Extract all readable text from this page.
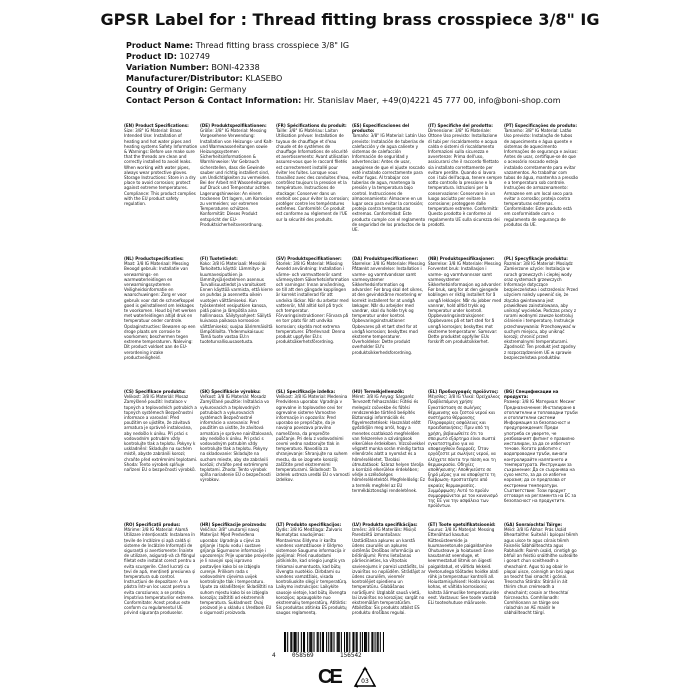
GPSR Label for : Thread fitting brass crosspiece 3/8" IG
Product Name: Thread fitting brass crosspiece 3/8" IG
Product ID: 102749
Variation Number: BONI-42338
Manufacturer/Distributor: KLASEBO
Country of Origin: Germany
Contact Person & Contact Information: Hr. Stanislav Maer, +49(0)4221 45 777 00, info@boni-shop.com
(EN) Product Specifications:

Size: 3/8" IG Material: Brass Intended Use: Installation of heating and hot water pipes and heating systems Safety Information & Warnings: Before use make sure that the threads are clean and correctly installed to avoid leaks. When working with water pipes, always wear protective gloves. Storage Instructions: Store in a dry place to avoid corrosion; protect against extreme temperatures. Compliance: This product complies with the EU product safety regulation.

(DE) Produktspezifikationen:

Größe: 3/8" IG Material: Messing Vorgesehene Verwendung: Installation von Heizungs- und Kalt- und Warmwasserleitungen sowie Heizungssystemen Sicherheitsinformationen & Warnhinweise: Vor Gebrauch sicherstellen, dass die Gewinde sauber und richtig installiert sind, um Undichtigkeiten zu vermeiden. Bei der Arbeit mit Wasserleitungen auf Druck und Temperatur achten. Lagerungshinweise: An einem trockenen Ort lagern, um Korrosion zu vermeiden; vor extremen Temperaturen schützen. Konformität: Dieses Produkt entspricht der EU-Produktsicherheitsverordnung.

(FR) Spécifications du produit:

Taille: 3/8" IG Matériau: Laiton Utilisation prévue: Installation de tuyaux de chauffage et d'eau chaude et de systèmes de chauffage Informations de sécurité et avertissements: Avant utilisation assurez-vous que le raccord filetés est correctement installé pour éviter les fuites. Lorsque vous travaillez avec des conduites d'eau, contrôlez toujours la pression et la température. Instructions de stockage: Conserver dans un endroit sec pour éviter la corrosion; protéger contre les températures extrêmes. Conformité: Ce produit est conforme au règlement de l'UE sur la sécurité des produits.

(ES) Especificaciones del producto:

Tamaño: 3/8" IG Material: Latón Uso previsto: Instalación de tuberías de calefacción y de agua caliente y sistemas de calefacción Información de seguridad y advertencias: Antes de usar, asegúrese de que el ajuste roscado esté instalado correctamente para evitar fugas. Al trabajar con tuberías de agua, mantenga la presión y la temperatura bajo control. Instrucciones de almacenamiento: Almacene en un lugar seco para evitar la corrosión; proteja contra temperaturas extremas. Conformidad: Este producto cumple con el reglamento de seguridad de los productos de la UE.

(IT) Specifiche del prodotto:

Dimensione: 3/8" IG Materiale: Ottone Uso previsto: Installazione di tubi per riscaldamento e acqua calda e sistemi di riscaldamento Informazioni sulla sicurezza e avvertenze: Prima dell'uso, assicurarsi che il raccordo filettato sia installato correttamente per evitare perdite. Quando si lavora con i tubi dell'acqua, tenere sempre sotto controllo la pressione e la temperatura. Istruzioni per la conservazione: Conservare in un luogo asciutto per evitare la corrosione; proteggere dalle temperature estreme. Conformità: Questo prodotto è conforme al regolamento UE sulla sicurezza dei prodotti.

(PT) Especificações do produto:

Tamanho: 3/8" IG Material: Latão Uso previsto: Instalação de tubos de aquecimento e água quente e sistemas de aquecimento Informações de segurança e avisos: Antes de usar, certifique-se de que o acessório roscado esteja instalado corretamente para evitar vazamentos. Ao trabalhar com tubos de água, mantenha a pressão e a temperatura sob controle. Instruções de armazenamento: Armazene em um local seco para evitar a corrosão; proteja contra temperaturas extremas. Conformidade: Este produto está em conformidade com o regulamento de segurança de produtos da UE.

(NL) Productspecificaties:

Maat: 3/8 IG Materiaal: Messing Beoogd gebruik: Installatie van verwarmings- en warmwaterleidingen en verwarmingssystemen Veiligheidsinformatie en waarschuwingen: Zorg er voor gebruik voor dat de schroefkoppel goed is geïnstalleerd om lekkages te voorkomen. Houd bij het werken met waterleidingen altijd druk en temperatuur onder controle. Opslaginstructies: Bewaren op een droge plaats om corrosie te voorkomen; beschermen tegen extreme temperaturen. Naleving: Dit product voldoet aan de EU-verordening inzake productveiligheid.

(FI) Tuotetiedot:

Koko: 3/8 IG Materiaali: Messinki Tarkoitettu käyttö: Lämmitys- ja kuumavesiputkien ja lämmitysjärjestelmien asennus Turvallisuustiedot ja varoitukset: Ennen käyttöä varmista, että kierre on puhdas ja asennettu oikein vuotojen välttämiseksi. Kun työskentelet vesiputkien kanssa, pidä paine ja lämpötila aina hallinnassa. Säilytysohjeet: Säilytä kuivassa paikassa korroosion välttämiseksi; suojaa äärimmäisiltä lämpötiloilta. Yhdenmukaisuus: Tämä tuote vastaa EU:n tuoteturvallisuusasetusta.

(SV) Produktspecifikationer:

Storlek: 3/8 IG Material: Mässing Avsedd användning: Installation i värme- och varmvattenrör samt värmesystem Säkerhetsinformation och varningar: Innan användning, se till att den gängade kopplingen är korrekt installerad för att undvika läckor. När du arbetar med vattenrör, håll alltid koll på tryck och temperatur. Förvaringsinstruktioner: Förvara på en torr plats för att undvika korrosion; skydda mot extrema temperaturer. Efterlevnad: Denna produkt uppfyller EU:s produktsäkerhetsförordning.

(DA) Produktspecifikationer:

Størrelse: 3/8 IG Materiale: Messing Påtænkt anvendelse: Installation i varme- og varmtvandsrør samt varmesystemer Sikkerhedsinformation og advarsler: Før brug skal det sikres, at den gevindskårne montering er korrekt installeret for at undgå lækager. Når du arbejder med vandrør, skal du holde tryk og temperatur under kontrol. Opbevaringsinstruktioner: Opbevares på et tørt sted for at undgå korrosion; beskyttes mod ekstreme temperaturer. Overholdelse: Dette produkt overholder EU's produktsikkerhedsforordning.

(NB) Produktspesifikasjoner:

Størrelse: 3/8 IG Materiale: Messing Forventet bruk: Installasjon i varme- og varmtvannsrør samt varmesystemer Sikkerhetsinformasjon og advarsler: Før bruk, sørg for at den gjengede koblingen er riktig installert for å unngå lekkasjer. Når du jobber med vannrør, hold alltid trykk og temperatur under kontroll. Oppbevaringsinstruksjoner: Oppbevares på et tørt sted for å unngå korrosjon; beskyttes mot ekstreme temperaturer. Samsvar: Dette produktet oppfyller EUs forskrift om produktsikkerhet.

(PL) Specyfikacje produktu:

Rozmiar: 3/8 IG Materiał: Mosiądz Zamierzone użycie: Instalacja w rurach grzewczych i ciepłej wody oraz systemach grzewczych Informacje dotyczące bezpieczeństwa i ostrzeżenia: Przed użyciem należy upewnić się, że złączka gwintowana jest prawidłowo zainstalowana, aby uniknąć wycieków. Podczas pracy z rurami wodnymi zawsze kontroluj ciśnienie i temperaturę. Instrukcje przechowywania: Przechowywać w suchym miejscu, aby uniknąć korozji; chronić przed ekstremalnymi temperaturami. Zgodność: Ten produkt jest zgodny z rozporządzeniem UE w sprawie bezpieczeństwa produktów.

(CS) Specifikace produktu:

Velikost: 3/8 IG Materiál: Mosaz Zamýšlené použití: Instalace v topných a teplovodních potrubích a topných systémech Bezpečnostní informace a varování: Před použitím se ujistěte, že závitová armatura je správně instalována, aby nedošlo k úniku. Při práci s vodovodním potrubím vždy kontrolujte tlak a teplotu. Pokyny k uskladnění: Skladujte na suchém místě, abyste zabránili korozi; chraňte před extrémními teplotami. Shoda: Tento výrobek splňuje nařízení EU o bezpečnosti výrobků.

(SK) Špecifikácie výrobku:

Veľkosť: 3/8 IG Materiál: Mosadz Zamýšľané použitie: Inštalácia vo vykurovacích a teplovodných potrubiach a vykurovacích systémoch Bezpečnostné informácie a varovania: Pred použitím sa uistite, že závitová armatúra je správne nainštalovaná, aby nedošlo k úniku. Pri práci s vodovodným potrubím vždy kontrolujte tlak a teplotu. Pokyny na skladovanie: Skladujte na suchom mieste, aby ste zabránili korózii; chráňte pred extrémnymi teplotami. Zhoda: Tento výrobok spĺňa nariadenie EÚ o bezpečnosti výrobkov.

(SL) Specifikacije izdelka:

Velikost: 3/8 IG Material: Medenina Predvidena uporaba: Vgradnja v ogrevalne in toplovodne cevi ter ogrevalne sisteme Varnostne informacije in opozorila: Pred uporabo se prepričajte, da je navojna povezava pravilno nameščena, da preprečite puščanje. Pri delu z vodovodnimi cevmi vedno nadzorujte tlak in temperaturo. Navodila za shranjevanje: Shranjujte na suhem mestu, da se izognete koroziji; zaščitite pred ekstremnimi temperaturami. Skladnost: Ta izdelek ustreza uredbi EU o varnosti izdelkov.

(HU) Termékjellemzők:

Méret: 3/8 IG Anyag: Sárgaréz Tervezett felhasználás: Fűtési és melegvíz csövekbe és fűtési rendszerekbe történő beépítés Biztonsági információk és figyelmeztetések: Használat előtt győződjön meg arról, hogy a menetes csatlakozó megfelelően van felszerelve a szivárgások elkerülése érdekében. Vízcsövekkel végzett munka során mindig tartsa ellenőrzés alatt a nyomást és a hőmérsékletet. Tárolási útmutatások: Száraz helyen tárolja a korrózió elkerülése érdekében; védje a szélsőséges hőmérsékletektől. Megfelelőség: Ez a termék megfelel az EU termékbiztonsági rendeletének.

(EL) Προδιαγραφές προϊόντος:

Μέγεθος: 3/8 IG Υλικό: Ορείχαλκος Προβλεπόμενη χρήση: Εγκατάσταση σε σωλήνες θέρμανσης και ζεστού νερού και συστήματα θέρμανσης Πληροφορίες ασφάλειας και προειδοποιήσεις: Πριν από τη χρήση, βεβαιωθείτε ότι το σπειρωτό εξάρτημα είναι σωστά εγκατεστημένο για να αποφευχθούν διαρροές. Όταν εργάζεστε με σωλήνες νερού, να ελέγχετε πάντα την πίεση και τη θερμοκρασία. Οδηγίες αποθήκευσης: Αποθηκεύστε σε ξηρό μέρος για να αποφύγετε τη διάβρωση· προστατέψτε από ακραίες θερμοκρασίες. Συμμόρφωση: Αυτό το προϊόν συμμορφώνεται με τον κανονισμό της ΕΕ για την ασφάλεια των προϊόντων.

(BG) Спецификации на продукта:

Размер: 3/8 IG Материал: Месинг Предназначение: Инсталиране в отоплителни и топловодни тръби и отоплителни системи Информация за безопасност и предупреждения: Преди употреба се уверете, че резбованият фитинг е правилно инсталиран, за да се избегнат течове. Когато работите с водопроводни тръби, винаги контролирайте налягането и температурата. Инструкции за съхранение: Да се съхранява на сухо място, за да се избегне корозия; да се предпазва от екстремни температури. Съответствие: Този продукт отговаря на регламента на ЕС за безопасност на продуктите.

(RO) Specificații produs:

Mărime: 3/8 IG Material: Alamă Utilizare intenționată: Instalarea în țevile de încălzire și apă caldă și sisteme de încălzire Informații de siguranță și avertismente: Înainte de utilizare, asigurați-vă că fitingul filetat este instalat corect pentru a evita scurgerile. Când lucrați cu țevi de apă, mențineți presiunea și temperatura sub control. Instrucțiuni de depozitare: A se păstra într-un loc uscat pentru a evita coroziunea; a se proteja împotriva temperaturilor extreme. Conformitate: Acest produs este conform cu regulamentul UE privind siguranța produselor.

(HR) Specifikacije proizvoda:

Veličina: 3/8" unutarnji navoj Materijal: Mjed Predviđena uporaba: Ugradnja u cijevi za grijanje i toplu vodu i sustave grijanja Sigurnosne informacije i upozorenja: Prije uporabe provjerite je li navojni spoj ispravno postavljen kako bi se izbjeglo curenje. Prilikom rada s vodovodnim cijevima uvijek kontrolirajte tlak i temperaturu. Upute za skladištenje: Skladištiti na suhom mjestu kako bi se izbjegla korozija; zaštititi od ekstremnih temperatura. Sukladnost: Ovaj proizvod je u skladu s Uredbom EU o sigurnosti proizvoda.

(LT) Produkto specifikacijos:

Dydis: 3/8 IG Medžiaga: Žalvaris Numatytas naudojimas: Montavimas šildymo ir karšto vandens vamzdžiuose ir šildymo sistemose Saugumo informacija ir įspėjimai: Prieš naudodami įsitikinkite, kad sriegio jungtis yra tinkamai sumontuota, kad būtų išvengta nuotėkio. Dirbdami su vandens vamzdžiais, visada kontroliuokite slėgį ir temperatūrą. Laikymo instrukcijos: Laikykite sausoje vietoje, kad būtų išvengta korozijos; apsaugokite nuo ekstremalių temperatūrų. Atitiktis: Šis produktas atitinka ES produktų saugos reglamentą.

(LV) Produkta specifikācijas:

Izmērs: 3/8 IG Materiāls: Misiņš Paredzētā izmantošana: Uzstādīšana apkures un karstā ūdens caurulēs un apkures sistēmās Drošības informācija un brīdinājumi: Pirms lietošanas pārliecinieties, ka vītņotais savienojums ir pareizi uzstādīts, lai izvairītos no noplūdēm. Strādājot ar ūdens caurulēm, vienmēr kontrolējiet spiedienu un temperatūru. Glabāšanas norādījumi: Uzglabāt sausā vietā, lai izvairītos no korozijas; sargāt no ekstremālām temperatūrām. Atbilstība: Šis produkts atbilst ES produktu drošības regulai.

(ET) Toote spetsifikatsioonid:

Suurus: 3/8 IG Materjal: Messing Ettenähtud kasutus: Küttesüsteemide ja kuumaveetorude paigaldamine Ohutusteave ja hoiatused: Enne kasutamist veenduge, et keermestatud liitmik on õigesti paigaldatud, et vältida lekkeid. Veetorudega töötades hoidke alati rõhk ja temperatuur kontrolli all. Hoiustamisjuhised: Hoida kuivas kohas, et vältida korrosiooni; kaitsta äärmuslike temperatuuride eest. Vastavus: See toode vastab ELi tooteohutuse määrusele.

(GA) Sonraíochtaí Táirge:

Méid: 3/8 IG Ábhar: Prás Úsáid Bheartaithe: Suiteáil i bpíopaí téimh agus uisce te agus córais téimh Faisnéis Sábháilteachta agus Rabhaidh: Roimh úsáid, cinntigh go bhfuil an feistiú snáithithe suiteáilte i gceart chun sceitheadh a sheachaint. Agus tú ag obair le píopaí uisce, coinnigh an brú agus an teocht faoi smacht i gcónaí. Treoracha Stórála: Stóráil in áit thirim chun creimeadh a sheachaint; cosain ar theochtaí foircneacha. Comhlíonadh: Comhlíonann an táirge seo rialachán an AE maidir le sábháilteacht táirgí.

4	058569	156542
CE	03
